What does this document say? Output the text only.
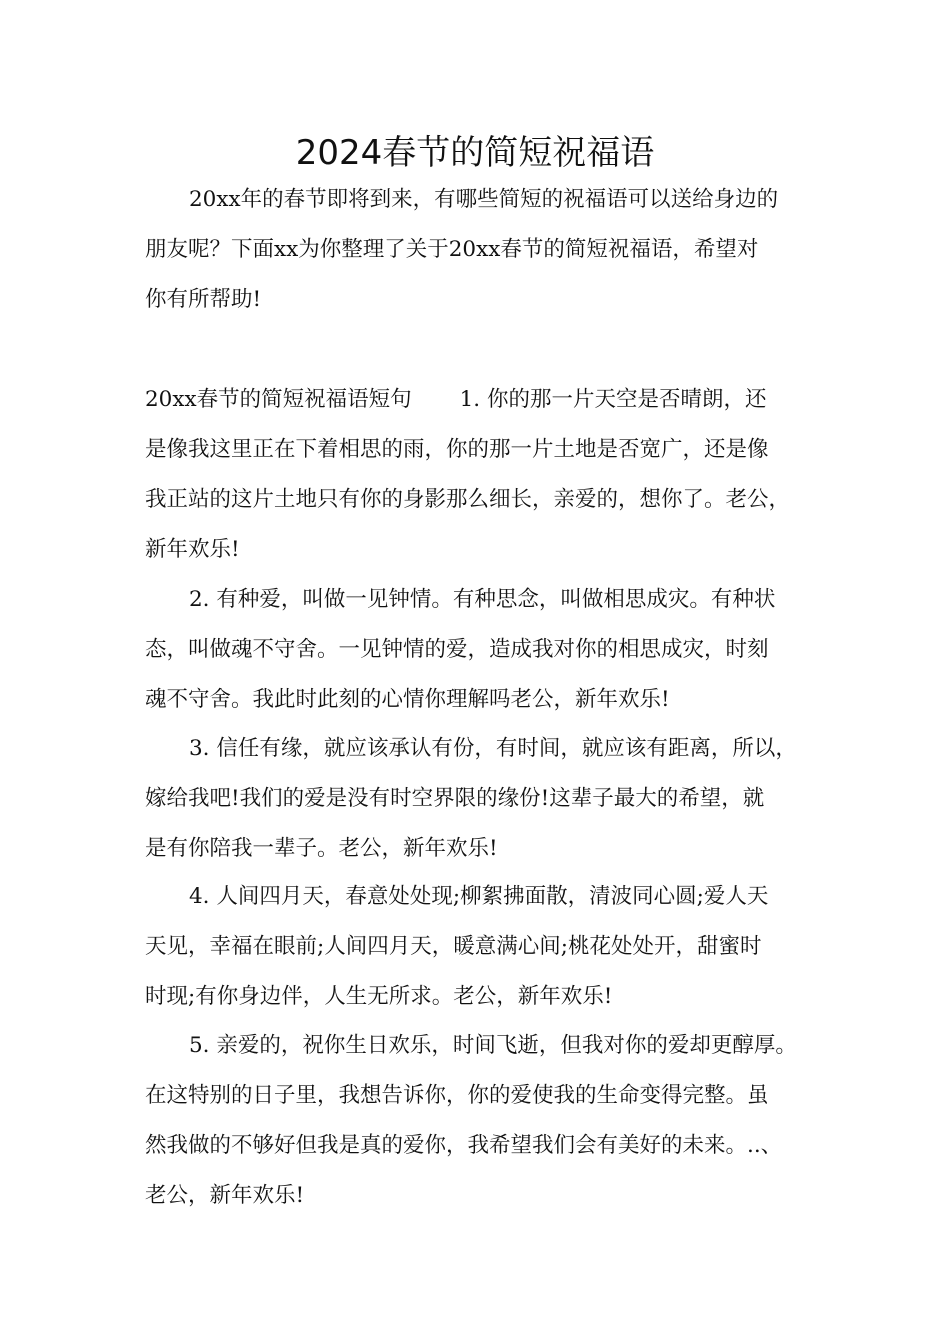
2024春节的简短祝福语
20xx年的春节即将到来，有哪些简短的祝福语可以送给身边的
朋友呢？下面xx为你整理了关于20xx春节的简短祝福语，希望对
你有所帮助!
20xx春节的简短祝福语短句 1. 你的那一片天空是否晴朗，还
是像我这里正在下着相思的雨，你的那一片土地是否宽广，还是像
我正站的这片土地只有你的身影那么细长，亲爱的，想你了。老公，
新年欢乐!
2. 有种爱，叫做一见钟情。有种思念，叫做相思成灾。有种状
态，叫做魂不守舍。一见钟情的爱，造成我对你的相思成灾，时刻
魂不守舍。我此时此刻的心情你理解吗老公，新年欢乐!
3. 信任有缘，就应该承认有份，有时间，就应该有距离，所以，
嫁给我吧!我们的爱是没有时空界限的缘份!这辈子最大的希望，就
是有你陪我一辈子。老公，新年欢乐!
4. 人间四月天，春意处处现;柳絮拂面散，清波同心圆;爱人天
天见，幸福在眼前;人间四月天，暖意满心间;桃花处处开，甜蜜时
时现;有你身边伴，人生无所求。老公，新年欢乐!
5. 亲爱的，祝你生日欢乐，时间飞逝，但我对你的爱却更醇厚。
在这特别的日子里，我想告诉你，你的爱使我的生命变得完整。虽
然我做的不够好但我是真的爱你，我希望我们会有美好的未来。..、
老公，新年欢乐!
